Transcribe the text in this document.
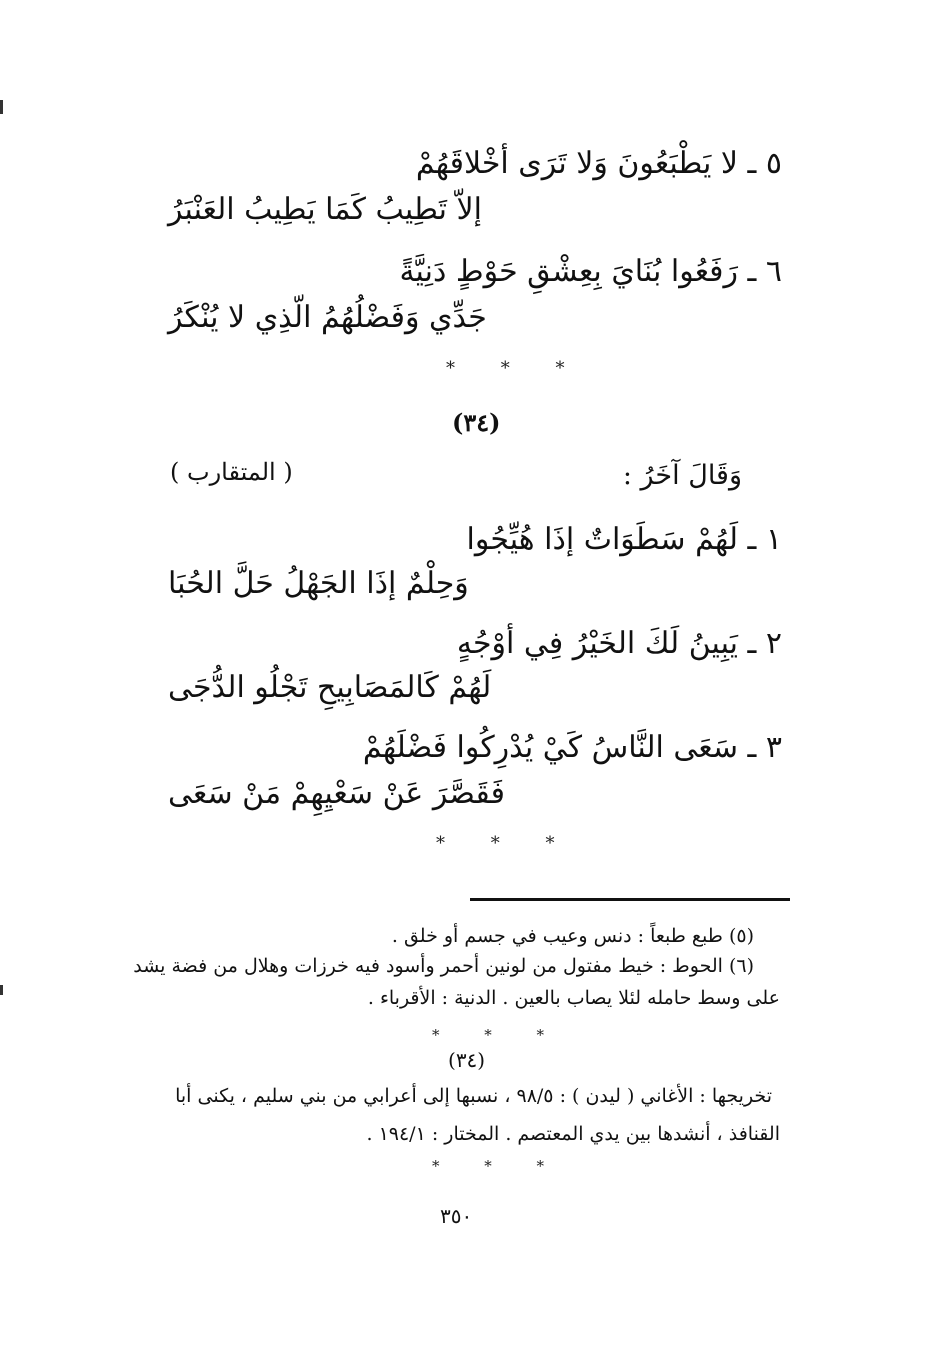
٥ ـ لا يَطْبَعُونَ وَلا تَرَى أخْلاقَهُمْ
إلاّ تَطِيبُ كَمَا يَطِيبُ العَنْبَرُ
٦ ـ رَفَعُوا بُنَايَ بِعِشْقِ حَوْطٍ دَنِيَّةً
جَدِّي وَفَضْلُهُمُ الّذِي لا يُنْكَرُ
* * *
(٣٤)
وَقَالَ آخَرُ :
( المتقارب )
١ ـ لَهُمْ سَطَوَاتٌ إذَا هُيِّجُوا
وَحِلْمٌ إذَا الجَهْلُ حَلَّ الحُبَا
٢ ـ يَبِينُ لَكَ الخَيْرُ فِي أوْجُهٍ
لَهُمْ كَالمَصَابِيحِ تَجْلُو الدُّجَى
٣ ـ سَعَى النَّاسُ كَيْ يُدْرِكُوا فَضْلَهُمْ
فَقَصَّرَ عَنْ سَعْيِهِمْ مَنْ سَعَى
* * *
(٥) طبع طبعاً : دنس وعيب في جسم أو خلق .
(٦) الحوط : خيط مفتول من لونين أحمر وأسود فيه خرزات وهلال من فضة يشد
على وسط حامله لئلا يصاب بالعين . الدنية : الأقرباء .
* * *
(٣٤)
تخريجها : الأغاني ( ليدن ) : ٩٨/٥ ، نسبها إلى أعرابي من بني سليم ، يكنى أبا
القنافذ ، أنشدها بين يدي المعتصم . المختار : ١٩٤/١ .
* * *
٣٥٠
